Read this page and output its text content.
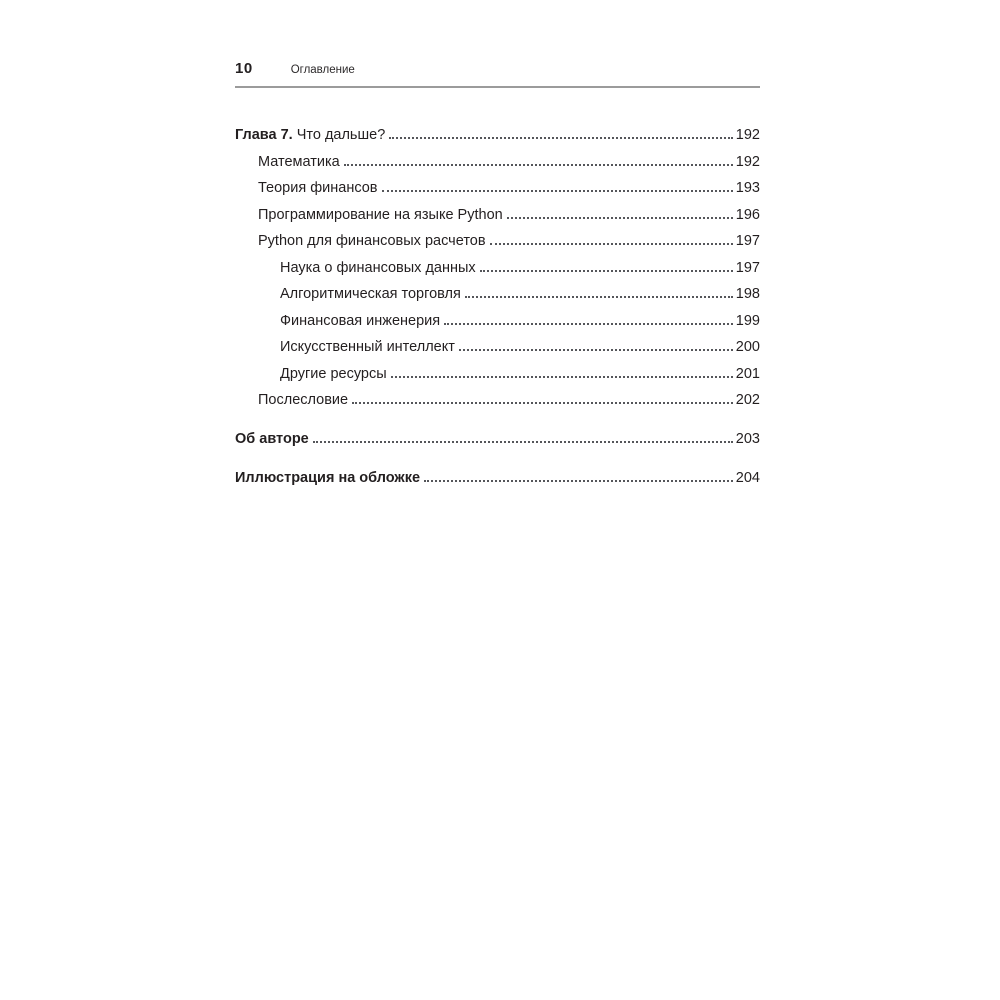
10	Оглавление
Глава 7. Что дальше?	192
Математика	192
Теория финансов	193
Программирование на языке Python	196
Python для финансовых расчетов	197
Наука о финансовых данных	197
Алгоритмическая торговля	198
Финансовая инженерия	199
Искусственный интеллект	200
Другие ресурсы	201
Послесловие	202
Об авторе	203
Иллюстрация на обложке	204
